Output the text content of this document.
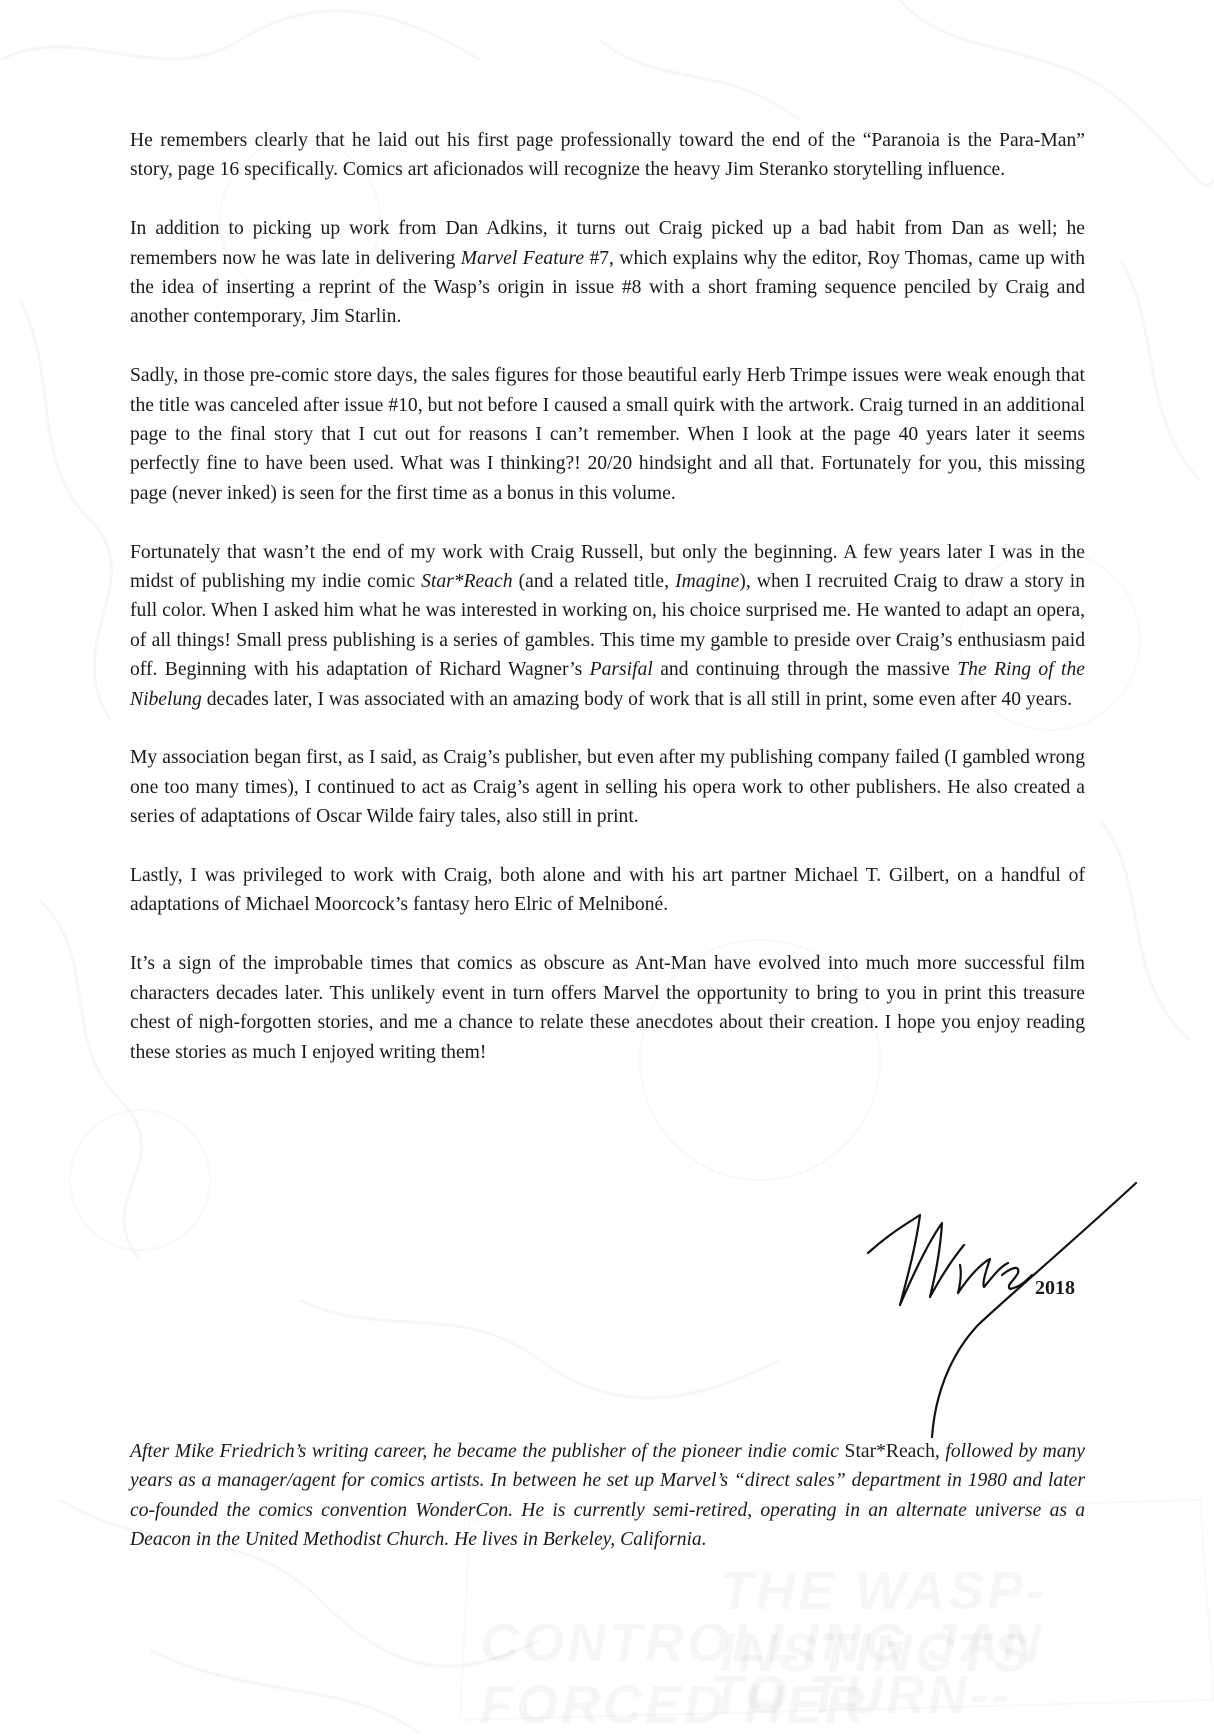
He remembers clearly that he laid out his first page professionally toward the end of the “Paranoia is the Para-Man” story, page 16 specifically. Comics art aficionados will recognize the heavy Jim Steranko storytelling influence.

In addition to picking up work from Dan Adkins, it turns out Craig picked up a bad habit from Dan as well; he remembers now he was late in delivering Marvel Feature #7, which explains why the editor, Roy Thomas, came up with the idea of inserting a reprint of the Wasp’s origin in issue #8 with a short framing sequence penciled by Craig and another contemporary, Jim Starlin.

Sadly, in those pre-comic store days, the sales figures for those beautiful early Herb Trimpe issues were weak enough that the title was canceled after issue #10, but not before I caused a small quirk with the artwork. Craig turned in an additional page to the final story that I cut out for reasons I can’t remember. When I look at the page 40 years later it seems perfectly fine to have been used. What was I thinking?! 20/20 hindsight and all that. Fortunately for you, this missing page (never inked) is seen for the first time as a bonus in this volume.

Fortunately that wasn’t the end of my work with Craig Russell, but only the beginning. A few years later I was in the midst of publishing my indie comic Star*Reach (and a related title, Imagine), when I recruited Craig to draw a story in full color. When I asked him what he was interested in working on, his choice surprised me. He wanted to adapt an opera, of all things! Small press publishing is a series of gambles. This time my gamble to preside over Craig’s enthusiasm paid off. Beginning with his adaptation of Richard Wagner’s Parsifal and continuing through the massive The Ring of the Nibelung decades later, I was associated with an amazing body of work that is all still in print, some even after 40 years.

My association began first, as I said, as Craig’s publisher, but even after my publishing company failed (I gambled wrong one too many times), I continued to act as Craig’s agent in selling his opera work to other publishers. He also created a series of adaptations of Oscar Wilde fairy tales, also still in print.

Lastly, I was privileged to work with Craig, both alone and with his art partner Michael T. Gilbert, on a handful of adaptations of Michael Moorcock’s fantasy hero Elric of Melniboné.

It’s a sign of the improbable times that comics as obscure as Ant-Man have evolved into much more successful film characters decades later. This unlikely event in turn offers Marvel the opportunity to bring to you in print this treasure chest of nigh-forgotten stories, and me a chance to relate these anecdotes about their creation. I hope you enjoy reading these stories as much I enjoyed writing them!

2018
After Mike Friedrich’s writing career, he became the publisher of the pioneer indie comic Star*Reach, followed by many years as a manager/agent for comics artists. In between he set up Marvel’s “direct sales” department in 1980 and later co-founded the comics convention WonderCon. He is currently semi-retired, operating in an alternate universe as a Deacon in the United Methodist Church. He lives in Berkeley, California.
